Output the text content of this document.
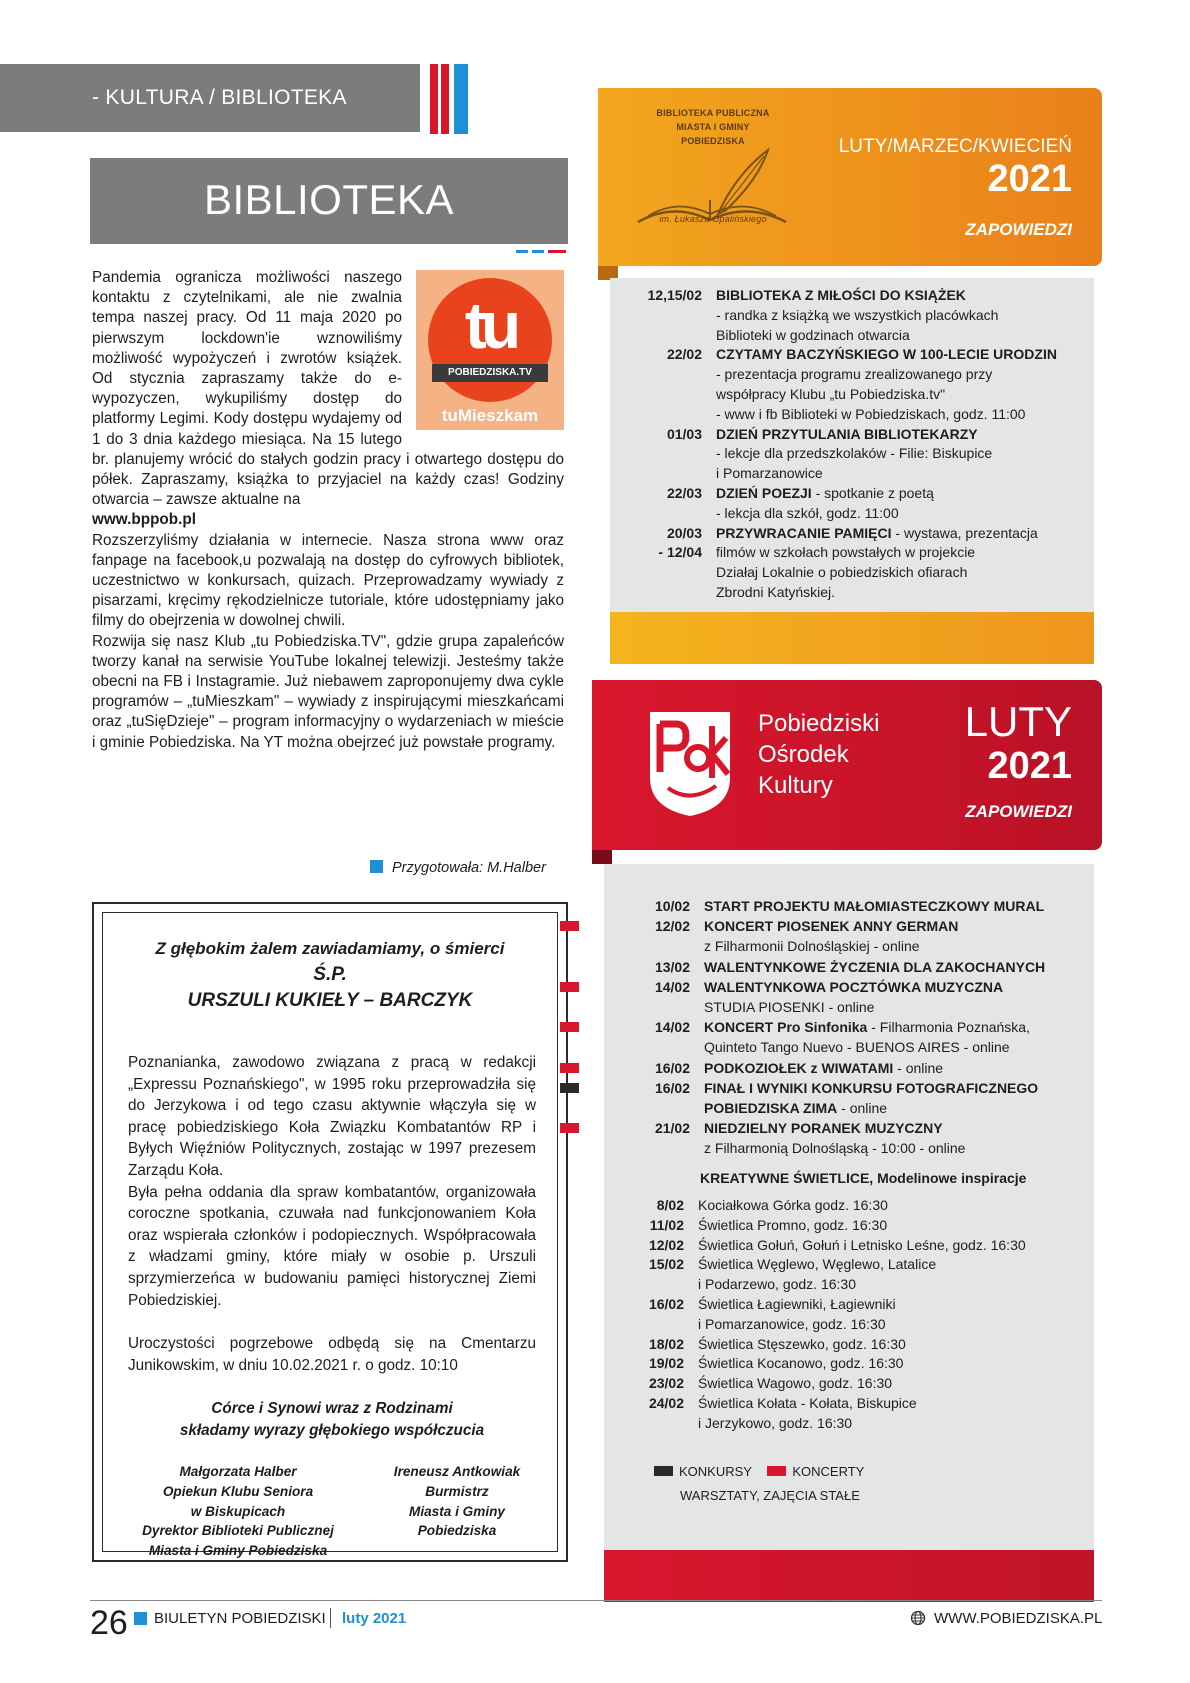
- KULTURA / BIBLIOTEKA
BIBLIOTEKA
tu
POBIEDZISKA.TV
tuMieszkam

Pandemia ogranicza możliwości naszego kontaktu z czytelnikami, ale nie zwalnia tempa naszej pracy. Od 11 maja 2020 po pierwszym lockdown'ie wznowiliśmy możliwość wypożyczeń i zwrotów książek. Od stycznia zapraszamy także do e-wypozyczen, wykupiliśmy dostęp do platformy Legimi. Kody dostępu wydajemy od 1 do 3 dnia każdego miesiąca. Na 15 lutego br. planujemy wrócić do stałych godzin pracy i otwartego dostępu do półek. Zapraszamy, książka to przyjaciel na każdy czas! Godziny otwarcia – zawsze aktualne na
www.bppob.pl

Rozszerzyliśmy działania w internecie. Nasza strona www oraz fanpage na facebook,u pozwalają na dostęp do cyfrowych bibliotek, uczestnictwo w konkursach, quizach. Przeprowadzamy wywiady z pisarzami, kręcimy rękodzielnicze tutoriale, które udostępniamy jako filmy do obejrzenia w dowolnej chwili.

Rozwija się nasz Klub „tu Pobiedziska.TV", gdzie grupa zapaleńców tworzy kanał na serwisie YouTube lokalnej telewizji. Jesteśmy także obecni na FB i Instagramie. Już niebawem zaproponujemy dwa cykle programów – „tuMieszkam" – wywiady z inspirującymi mieszkańcami oraz „tuSięDzieje" – program informacyjny o wydarzeniach w mieście i gminie Pobiedziska. Na YT można obejrzeć już powstałe programy.

Przygotowała: M.Halber
Z głębokim żalem zawiadamiamy, o śmierci
Ś.P.
URSZULI KUKIEŁY – BARCZYK

Poznanianka, zawodowo związana z pracą w redakcji „Expressu Poznańskiego", w 1995 roku przeprowadziła się do Jerzykowa i od tego czasu aktywnie włączyła się w pracę pobiedziskiego Koła Związku Kombatantów RP i Byłych Więźniów Politycznych, zostając w 1997 prezesem Zarządu Koła.

Była pełna oddania dla spraw kombatantów, organizowała coroczne spotkania, czuwała nad funkcjonowaniem Koła oraz wspierała członków i podopiecznych. Współpracowała z władzami gminy, które miały w osobie p. Urszuli sprzymierzeńca w budowaniu pamięci historycznej Ziemi Pobiedziskiej.

Uroczystości pogrzebowe odbędą się na Cmentarzu Junikowskim, w dniu 10.02.2021 r. o godz. 10:10

Córce i Synowi wraz z Rodzinami
składamy wyrazy głębokiego współczucia
Małgorzata Halber
Opiekun Klubu Seniora
w Biskupicach
Dyrektor Biblioteki Publicznej
Miasta i Gminy Pobiedziska
Ireneusz Antkowiak
Burmistrz
Miasta i Gminy
Pobiedziska
BIBLIOTEKA PUBLICZNA
MIASTA I GMINY
POBIEDZISKA
im. Łukasza Opalińskiego
LUTY/MARZEC/KWIECIEŃ
2021
ZAPOWIEDZI
12,15/02	BIBLIOTEKA Z MIŁOŚCI DO KSIĄŻEK
- randka z książką we wszystkich placówkach
Biblioteki w godzinach otwarcia
22/02	CZYTAMY BACZYŃSKIEGO W 100-LECIE URODZIN
- prezentacja programu zrealizowanego przy
współpracy Klubu „tu Pobiedziska.tv"
- www i fb Biblioteki w Pobiedziskach, godz. 11:00
01/03	DZIEŃ PRZYTULANIA BIBLIOTEKARZY
- lekcje dla przedszkolaków - Filie: Biskupice
i Pomarzanowice
22/03	DZIEŃ POEZJI - spotkanie z poetą
- lekcja dla szkół, godz. 11:00
20/03	PRZYWRACANIE PAMIĘCI - wystawa, prezentacja
- 12/04	filmów w szkołach powstałych w projekcie
Działaj Lokalnie o pobiedziskich ofiarach
Zbrodni Katyńskiej.
Pobiedziski
Ośrodek
Kultury
LUTY
2021
ZAPOWIEDZI
10/02	START PROJEKTU MAŁOMIASTECZKOWY MURAL
12/02	KONCERT PIOSENEK ANNY GERMAN
z Filharmonii Dolnośląskiej - online
13/02	WALENTYNKOWE ŻYCZENIA DLA ZAKOCHANYCH
14/02	WALENTYNKOWA POCZTÓWKA MUZYCZNA
STUDIA PIOSENKI - online
14/02	KONCERT Pro Sinfonika - Filharmonia Poznańska,
Quinteto Tango Nuevo - BUENOS AIRES - online
16/02	PODKOZIOŁEK z WIWATAMI - online
16/02	FINAŁ I WYNIKI KONKURSU FOTOGRAFICZNEGO
POBIEDZISKA ZIMA - online
21/02	NIEDZIELNY PORANEK MUZYCZNY
z Filharmonią Dolnośląską - 10:00 - online
KREATYWNE ŚWIETLICE, Modelinowe inspiracje
8/02	Kociałkowa Górka godz. 16:30
11/02	Świetlica Promno, godz. 16:30
12/02	Świetlica Gołuń, Gołuń i Letnisko Leśne, godz. 16:30
15/02	Świetlica Węglewo, Węglewo, Latalice
i Podarzewo, godz. 16:30
16/02	Świetlica Łagiewniki, Łagiewniki
i Pomarzanowice, godz. 16:30
18/02	Świetlica Stęszewko, godz. 16:30
19/02	Świetlica Kocanowo, godz. 16:30
23/02	Świetlica Wagowo, godz. 16:30
24/02	Świetlica Kołata - Kołata, Biskupice
i Jerzykowo, godz. 16:30
KONKURSY	KONCERTY
WARSZTATY, ZAJĘCIA STAŁE
26 BIULETYN POBIEDZISKI luty 2021	WWW.POBIEDZISKA.PL
